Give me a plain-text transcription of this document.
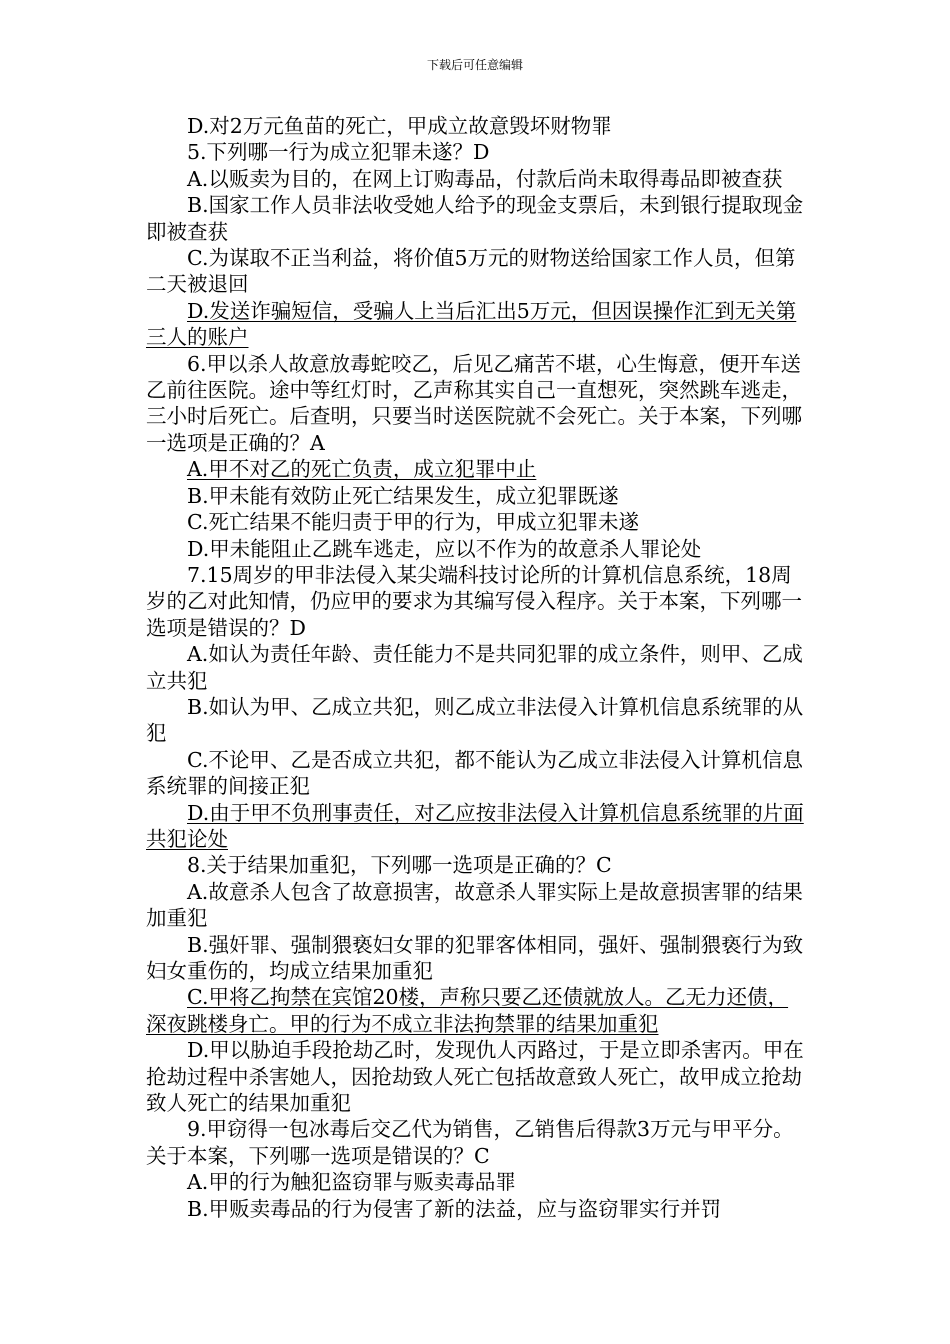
下载后可任意编辑

D.对2万元鱼苗的死亡，甲成立故意毁坏财物罪

5.下列哪一行为成立犯罪未遂？D

A.以贩卖为目的，在网上订购毒品，付款后尚未取得毒品即被查获

B.国家工作人员非法收受她人给予的现金支票后，未到银行提取现金即被查获

C.为谋取不正当利益，将价值5万元的财物送给国家工作人员，但第二天被退回

D.发送诈骗短信，受骗人上当后汇出5万元，但因误操作汇到无关第三人的账户

6.甲以杀人故意放毒蛇咬乙，后见乙痛苦不堪，心生悔意，便开车送乙前往医院。途中等红灯时，乙声称其实自己一直想死，突然跳车逃走，三小时后死亡。后查明，只要当时送医院就不会死亡。关于本案，下列哪一选项是正确的？A

A.甲不对乙的死亡负责，成立犯罪中止

B.甲未能有效防止死亡结果发生，成立犯罪既遂

C.死亡结果不能归责于甲的行为，甲成立犯罪未遂

D.甲未能阻止乙跳车逃走，应以不作为的故意杀人罪论处

7.15周岁的甲非法侵入某尖端科技讨论所的计算机信息系统，18周岁的乙对此知情，仍应甲的要求为其编写侵入程序。关于本案，下列哪一选项是错误的？D

A.如认为责任年龄、责任能力不是共同犯罪的成立条件，则甲、乙成立共犯

B.如认为甲、乙成立共犯，则乙成立非法侵入计算机信息系统罪的从犯

C.不论甲、乙是否成立共犯，都不能认为乙成立非法侵入计算机信息系统罪的间接正犯

D.由于甲不负刑事责任，对乙应按非法侵入计算机信息系统罪的片面共犯论处

8.关于结果加重犯，下列哪一选项是正确的？C

A.故意杀人包含了故意损害，故意杀人罪实际上是故意损害罪的结果加重犯

B.强奸罪、强制猥亵妇女罪的犯罪客体相同，强奸、强制猥亵行为致妇女重伤的，均成立结果加重犯

C.甲将乙拘禁在宾馆20楼，声称只要乙还债就放人。乙无力还债，深夜跳楼身亡。甲的行为不成立非法拘禁罪的结果加重犯

D.甲以胁迫手段抢劫乙时，发现仇人丙路过，于是立即杀害丙。甲在抢劫过程中杀害她人，因抢劫致人死亡包括故意致人死亡，故甲成立抢劫致人死亡的结果加重犯

9.甲窃得一包冰毒后交乙代为销售，乙销售后得款3万元与甲平分。关于本案，下列哪一选项是错误的？C

A.甲的行为触犯盗窃罪与贩卖毒品罪

B.甲贩卖毒品的行为侵害了新的法益，应与盗窃罪实行并罚
